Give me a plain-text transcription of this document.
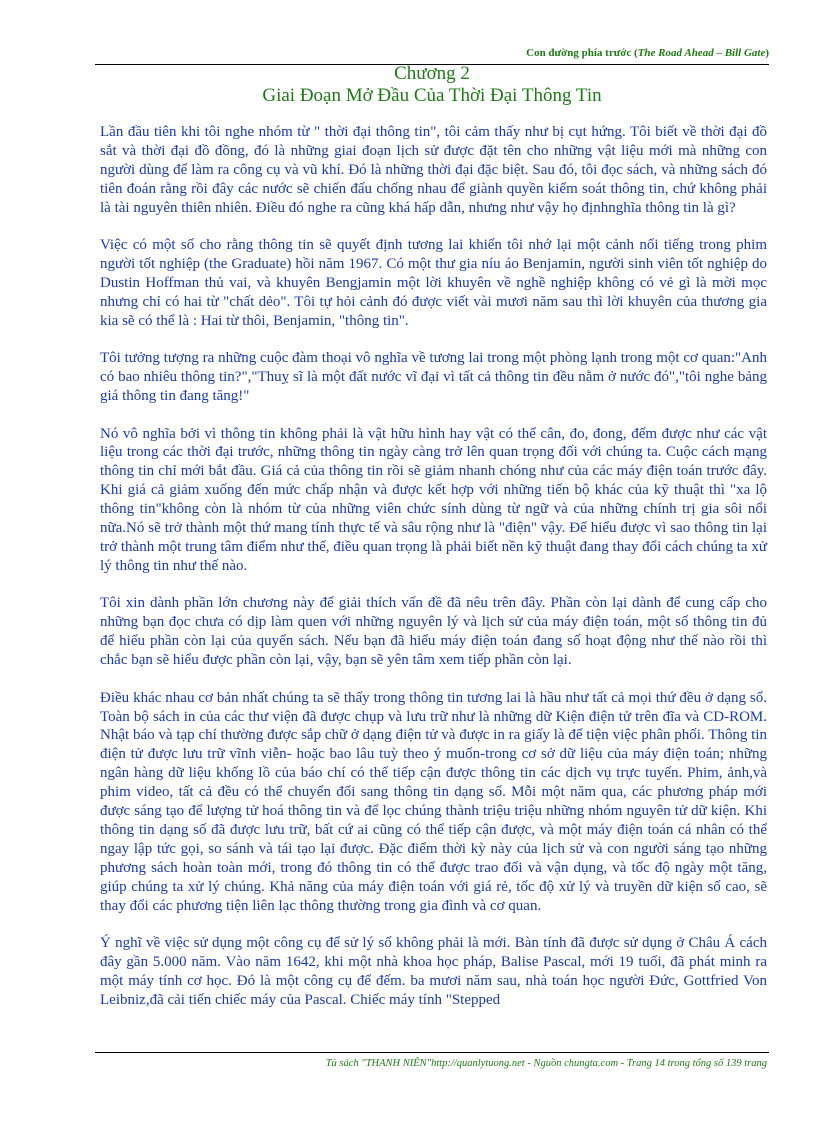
Con đường phía trước (The Road Ahead – Bill Gate)
Chương 2
Giai Đoạn Mở Đầu Của Thời Đại Thông Tin

Lần đầu tiên khi tôi nghe nhóm từ " thời đại thông tin", tôi cảm thấy như bị cụt hứng. Tôi biết về thời đại đồ sắt và thời đại đồ đồng, đó là những giai đoạn lịch sử được đặt tên cho những vật liệu mới mà những con người dùng để làm ra công cụ và vũ khí. Đó là những thời đại đặc biệt. Sau đó, tôi đọc sách, và những sách đó tiên đoán rằng rồi đây các nước sẽ chiến đấu chống nhau để giành quyền kiểm soát thông tin, chứ không phải là tài nguyên thiên nhiên. Điều đó nghe ra cũng khá hấp dẫn, nhưng như vậy họ địnhnghĩa thông tin là gì?

Việc có một số cho rằng thông tin sẽ quyết định tương lai khiến tôi nhớ lại một cảnh nổi tiếng trong phim người tốt nghiệp (the Graduate) hồi năm 1967. Có một thư gia níu áo Benjamin, người sinh viên tốt nghiệp do Dustin Hoffman thủ vai, và khuyên Bengjamin một lời khuyên về nghề nghiệp không có vẻ gì là mời mọc nhưng chỉ có hai từ "chất dẻo". Tôi tự hỏi cảnh đó được viết vài mươi năm sau thì lời khuyên của thương gia kia sẽ có thể là : Hai từ thôi, Benjamin, "thông tin".

Tôi tưởng tượng ra những cuộc đàm thoại vô nghĩa về tương lai trong một phòng lạnh trong một cơ quan:"Anh có bao nhiêu thông tin?","Thuỵ sĩ là một đất nước vĩ đại vì tất cả thông tin đều nằm ở nước đó","tôi nghe bảng giá thông tin đang tăng!"

Nó vô nghĩa bởi vì thông tin không phải là vật hữu hình hay vật có thể cân, đo, đong, đếm được như các vật liệu trong các thời đại trước, những thông tin ngày càng trở lên quan trọng đối với chúng ta. Cuộc cách mạng thông tin chỉ mới bắt đầu. Giá cả của thông tin rồi sẽ giảm nhanh chóng như của các máy điện toán trước đây. Khi giá cả giảm xuống đến mức chấp nhận và được kết hợp với những tiến bộ khác của kỹ thuật thì "xa lộ thông tin"không còn là nhóm từ của những viên chức sính dùng từ ngữ và của những chính trị gia sôi nổi nữa.Nó sẽ trở thành một thứ mang tính thực tế và sâu rộng như là "điện" vậy. Để hiểu được vì sao thông tin lại trở thành một trung tâm điểm như thế, điều quan trọng là phải biết nền kỹ thuật đang thay đổi cách chúng ta xử lý thông tin như thế nào.

Tôi xin dành phần lớn chương này để giải thích vấn đề đã nêu trên đây. Phần còn lại dành để cung cấp cho những bạn đọc chưa có dịp làm quen với những nguyên lý và lịch sử của máy điện toán, một số thông tin đủ để hiểu phần còn lại của quyển sách. Nếu bạn đã hiểu máy điện toán đang số hoạt động như thế nào rồi thì chắc bạn sẽ hiểu được phần còn lại, vậy, bạn sẽ yên tâm xem tiếp phần còn lại.

Điều khác nhau cơ bản nhất chúng ta sẽ thấy trong thông tin tương lai là hầu như tất cả mọi thứ đều ở dạng số. Toàn bộ sách in của các thư viện đã được chụp và lưu trữ như là những dữ Kiện điện tử trên đĩa và CD-ROM. Nhật báo và tạp chí thường được sắp chữ ở dạng điện tử và được in ra giấy là để tiện việc phân phối. Thông tin điện tử được lưu trữ vĩnh viễn- hoặc bao lâu tuỳ theo ý muốn-trong cơ sở dữ liệu của máy điện toán; những ngân hàng dữ liệu khổng lồ của báo chí có thể tiếp cận được thông tin các dịch vụ trực tuyến. Phim, ảnh,và phim video, tất cả đều có thể chuyển đổi sang thông tin dạng số. Mỗi một năm qua, các phương pháp mới được sáng tạo để lượng tử hoá thông tin và để lọc chúng thành triệu triệu những nhóm nguyên tử dữ kiện. Khi thông tin dạng số đã được lưu trữ, bất cứ ai cũng có thể tiếp cận được, và một máy điện toán cá nhân có thể ngay lập tức gọi, so sánh và tái tạo lại được. Đặc điểm thời kỳ này của lịch sử và con người sáng tạo những phương sách hoàn toàn mới, trong đó thông tin có thể được trao đổi và vận dụng, và tốc độ ngày một tăng, giúp chúng ta xử lý chúng. Khả năng của máy điện toán với giá rẻ, tốc độ xử lý và truyền dữ kiện số cao, sẽ thay đổi các phương tiện liên lạc thông thường trong gia đình và cơ quan.

Ý nghĩ về việc sử dụng một công cụ để sử lý số không phải là mới. Bàn tính đã được sử dụng ở Châu Á cách đây gần 5.000 năm. Vào năm 1642, khi một nhà khoa học pháp, Balise Pascal, mới 19 tuổi, đã phát minh ra một máy tính cơ học. Đó là một công cụ để đếm. ba mươi năm sau, nhà toán học người Đức, Gottfried Von Leibniz,đã cải tiến chiếc máy của Pascal. Chiếc máy tính "Stepped

Tủ sách "THANH NIÊN"http://quanlytuong.net - Nguồn chungta.com - Trang 14 trong tổng số 139 trang
